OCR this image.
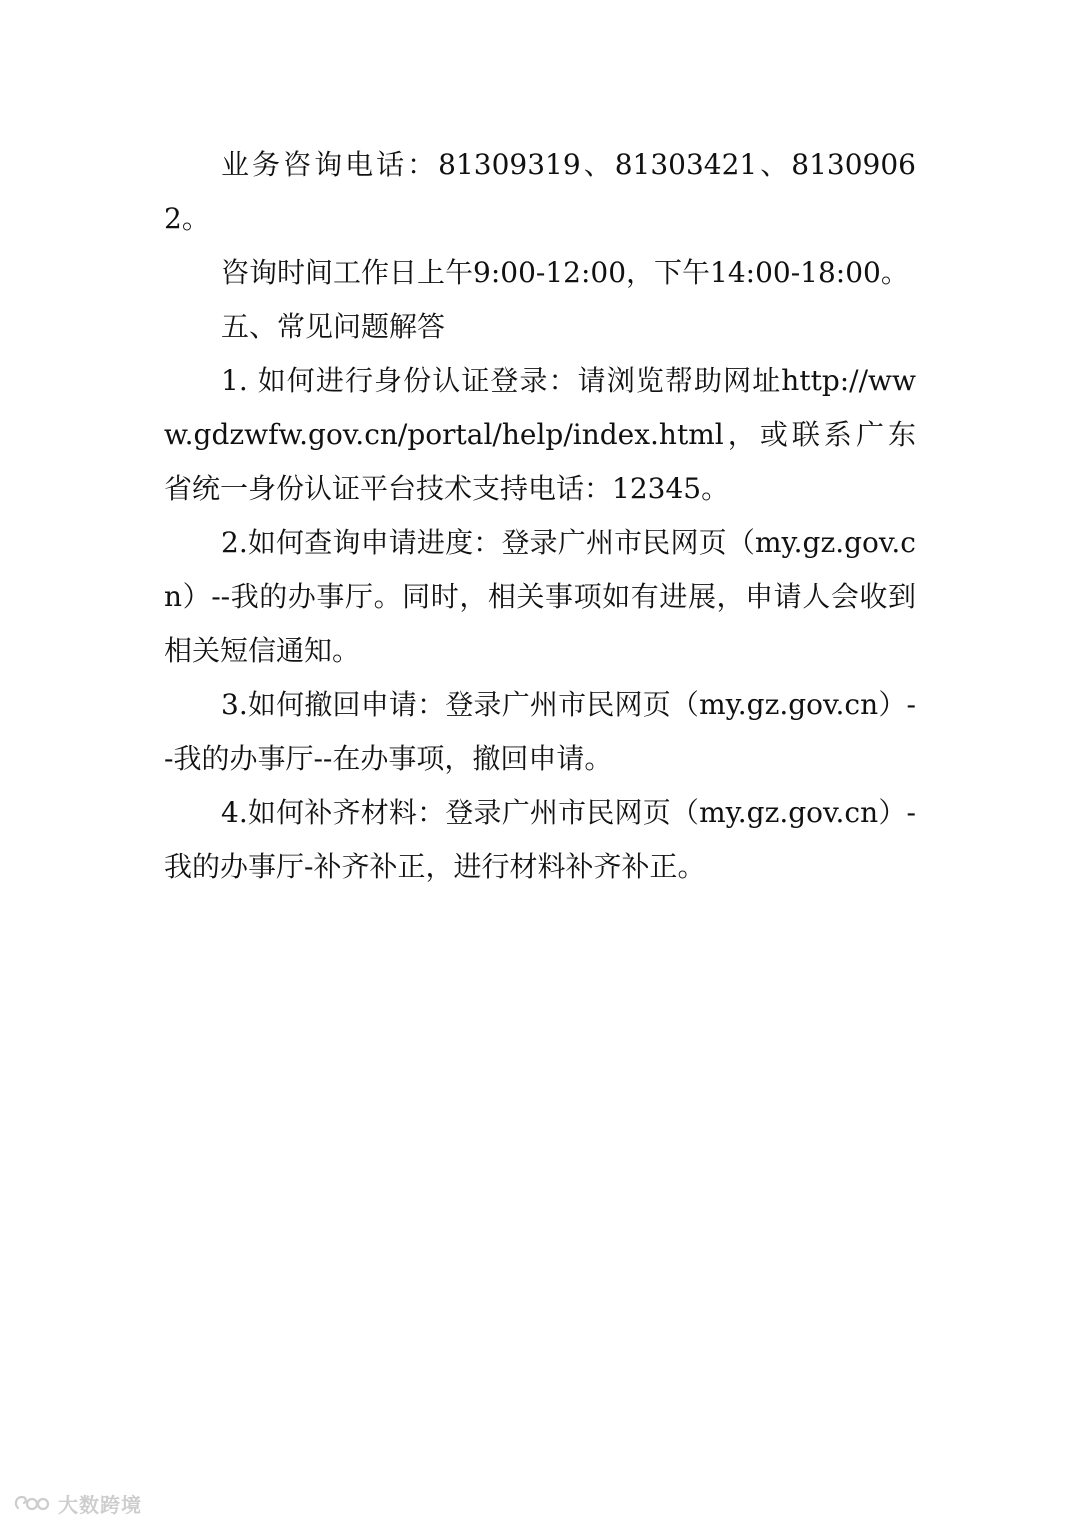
业务咨询电话：81309319、81303421、81309062。

咨询时间工作日上午9:00-12:00，下午14:00-18:00。

五、常见问题解答

1. 如何进行身份认证登录：请浏览帮助网址http://www.gdzwfw.gov.cn/portal/help/index.html，或联系广东省统一身份认证平台技术支持电话：12345。

2.如何查询申请进度：登录广州市民网页（my.gz.gov.cn）--我的办事厅。同时，相关事项如有进展，申请人会收到相关短信通知。

3.如何撤回申请：登录广州市民网页（my.gz.gov.cn）--我的办事厅--在办事项，撤回申请。

4.如何补齐材料：登录广州市民网页（my.gz.gov.cn）-我的办事厅-补齐补正，进行材料补齐补正。

大数跨境
